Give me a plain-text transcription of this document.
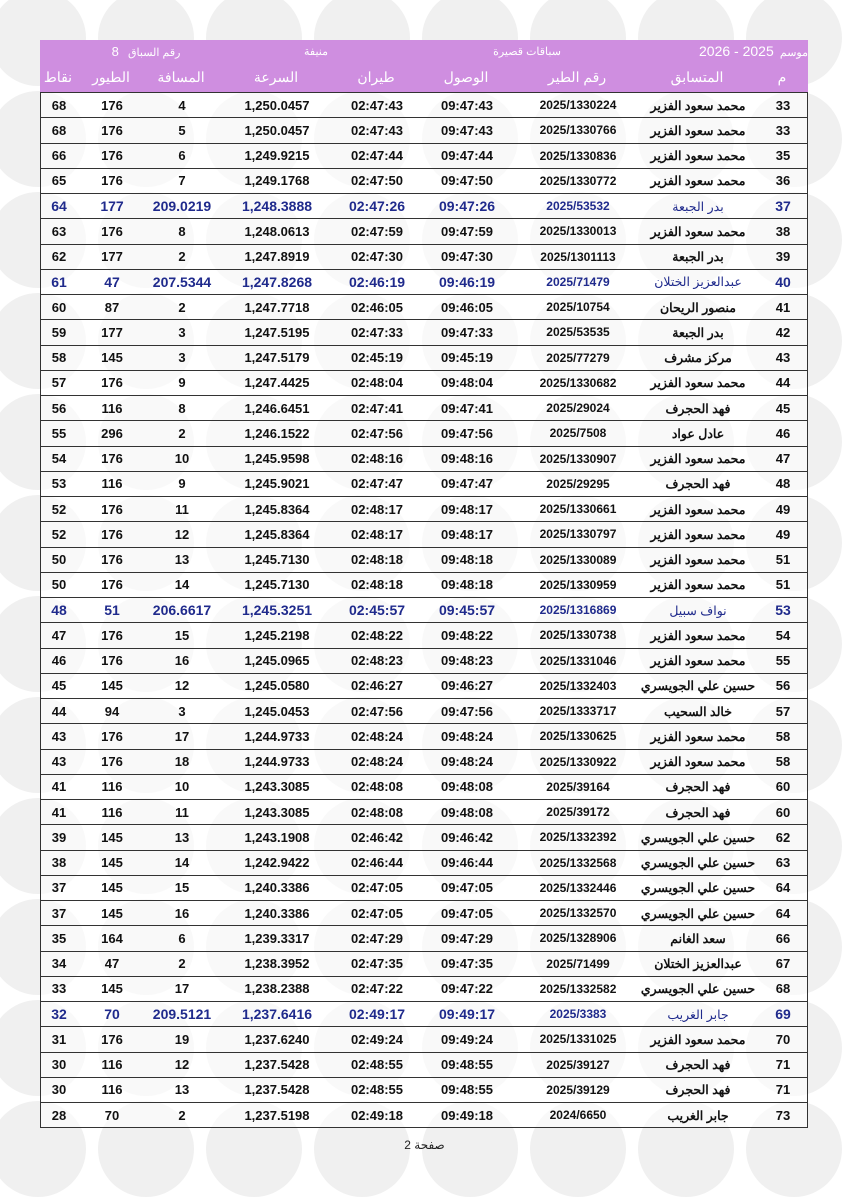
رقم السباق   8	منيفة	سباقات قصيرة	2026 - 2025 موسم
نقاط	الطيور	المسافة	السرعة	طيران	الوصول	رقم الطير	المتسابق	م
68	176	4	1,250.0457	02:47:43	09:47:43	2025/1330224	محمد سعود الفزير	33
68	176	5	1,250.0457	02:47:43	09:47:43	2025/1330766	محمد سعود الفزير	33
66	176	6	1,249.9215	02:47:44	09:47:44	2025/1330836	محمد سعود الفزير	35
65	176	7	1,249.1768	02:47:50	09:47:50	2025/1330772	محمد سعود الفزير	36
64	177	209.0219	1,248.3888	02:47:26	09:47:26	2025/53532	بدر الجبعة	37
63	176	8	1,248.0613	02:47:59	09:47:59	2025/1330013	محمد سعود الفزير	38
62	177	2	1,247.8919	02:47:30	09:47:30	2025/1301113	بدر الجبعة	39
61	47	207.5344	1,247.8268	02:46:19	09:46:19	2025/71479	عبدالعزيز الختلان	40
60	87	2	1,247.7718	02:46:05	09:46:05	2025/10754	منصور الريحان	41
59	177	3	1,247.5195	02:47:33	09:47:33	2025/53535	بدر الجبعة	42
58	145	3	1,247.5179	02:45:19	09:45:19	2025/77279	مركز مشرف	43
57	176	9	1,247.4425	02:48:04	09:48:04	2025/1330682	محمد سعود الفزير	44
56	116	8	1,246.6451	02:47:41	09:47:41	2025/29024	فهد الحجرف	45
55	296	2	1,246.1522	02:47:56	09:47:56	2025/7508	عادل عواد	46
54	176	10	1,245.9598	02:48:16	09:48:16	2025/1330907	محمد سعود الفزير	47
53	116	9	1,245.9021	02:47:47	09:47:47	2025/29295	فهد الحجرف	48
52	176	11	1,245.8364	02:48:17	09:48:17	2025/1330661	محمد سعود الفزير	49
52	176	12	1,245.8364	02:48:17	09:48:17	2025/1330797	محمد سعود الفزير	49
50	176	13	1,245.7130	02:48:18	09:48:18	2025/1330089	محمد سعود الفزير	51
50	176	14	1,245.7130	02:48:18	09:48:18	2025/1330959	محمد سعود الفزير	51
48	51	206.6617	1,245.3251	02:45:57	09:45:57	2025/1316869	نواف سبيل	53
47	176	15	1,245.2198	02:48:22	09:48:22	2025/1330738	محمد سعود الفزير	54
46	176	16	1,245.0965	02:48:23	09:48:23	2025/1331046	محمد سعود الفزير	55
45	145	12	1,245.0580	02:46:27	09:46:27	2025/1332403	حسين علي الجويسري	56
44	94	3	1,245.0453	02:47:56	09:47:56	2025/1333717	خالد السحيب	57
43	176	17	1,244.9733	02:48:24	09:48:24	2025/1330625	محمد سعود الفزير	58
43	176	18	1,244.9733	02:48:24	09:48:24	2025/1330922	محمد سعود الفزير	58
41	116	10	1,243.3085	02:48:08	09:48:08	2025/39164	فهد الحجرف	60
41	116	11	1,243.3085	02:48:08	09:48:08	2025/39172	فهد الحجرف	60
39	145	13	1,243.1908	02:46:42	09:46:42	2025/1332392	حسين علي الجويسري	62
38	145	14	1,242.9422	02:46:44	09:46:44	2025/1332568	حسين علي الجويسري	63
37	145	15	1,240.3386	02:47:05	09:47:05	2025/1332446	حسين علي الجويسري	64
37	145	16	1,240.3386	02:47:05	09:47:05	2025/1332570	حسين علي الجويسري	64
35	164	6	1,239.3317	02:47:29	09:47:29	2025/1328906	سعد الغانم	66
34	47	2	1,238.3952	02:47:35	09:47:35	2025/71499	عبدالعزيز الختلان	67
33	145	17	1,238.2388	02:47:22	09:47:22	2025/1332582	حسين علي الجويسري	68
32	70	209.5121	1,237.6416	02:49:17	09:49:17	2025/3383	جابر الغريب	69
31	176	19	1,237.6240	02:49:24	09:49:24	2025/1331025	محمد سعود الفزير	70
30	116	12	1,237.5428	02:48:55	09:48:55	2025/39127	فهد الحجرف	71
30	116	13	1,237.5428	02:48:55	09:48:55	2025/39129	فهد الحجرف	71
28	70	2	1,237.5198	02:49:18	09:49:18	2024/6650	جابر الغريب	73
صفحة 2
